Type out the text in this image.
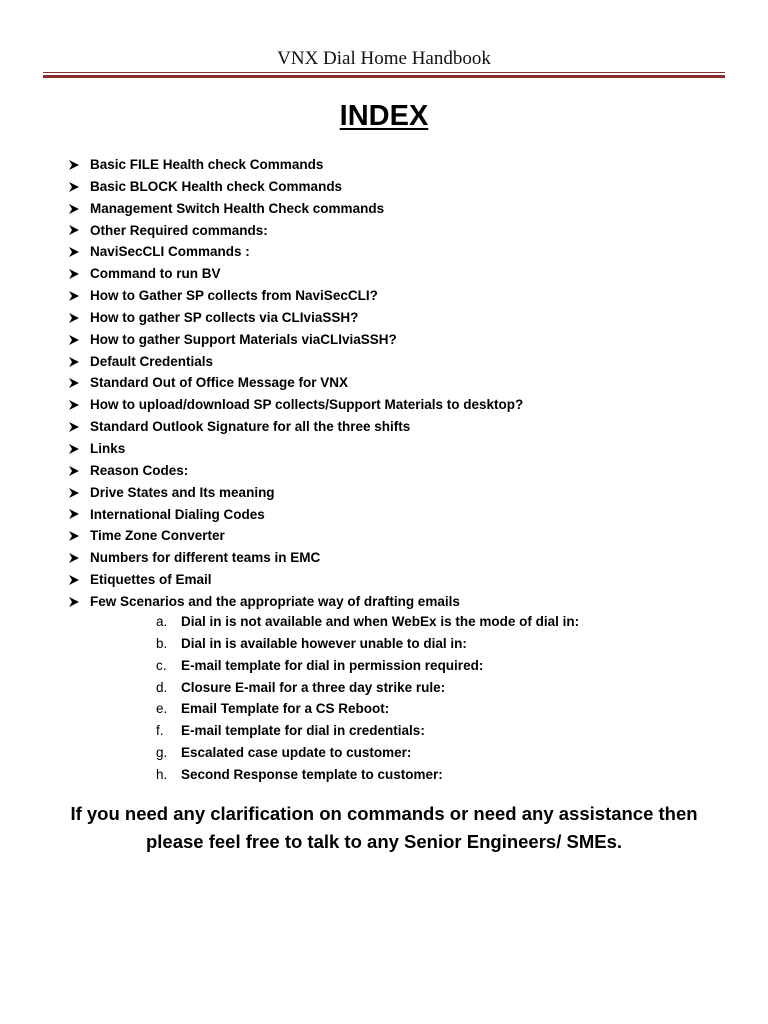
VNX Dial Home Handbook
INDEX
Basic FILE Health check Commands
Basic BLOCK Health check Commands
Management Switch Health Check commands
Other Required commands:
NaviSecCLI Commands :
Command to run BV
How to Gather SP collects from NaviSecCLI?
How to gather SP collects via CLIviaSSH?
How to gather Support Materials viaCLIviaSSH?
Default Credentials
Standard Out of Office Message for VNX
How to upload/download SP collects/Support Materials to desktop?
Standard Outlook Signature for all the three shifts
Links
Reason Codes:
Drive States and Its meaning
International Dialing Codes
Time Zone Converter
Numbers for different teams in EMC
Etiquettes of Email
Few Scenarios and the appropriate way of drafting emails
a.	Dial in is not available and when WebEx is the mode of dial in:
b.	Dial in is available however unable to dial in:
c.	E-mail template for dial in permission required:
d.	Closure E-mail for a three day strike rule:
e.	Email Template for a CS Reboot:
f.	E-mail template for dial in credentials:
g.	Escalated case update to customer:
h.	Second Response template to customer:

If you need any clarification on commands or need any assistance then please feel free to talk to any Senior Engineers/ SMEs.
